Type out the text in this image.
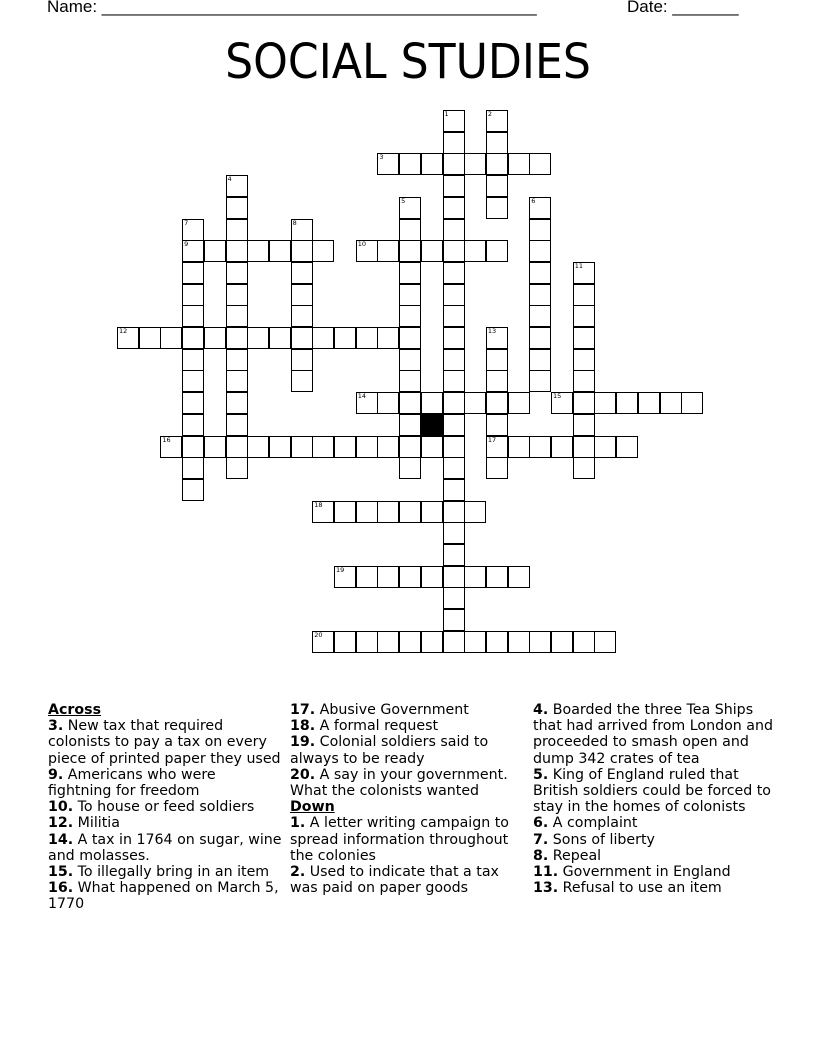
Name: ______________________________________________	Date: _______
SOCIAL STUDIES
3
9	10
12
14	15
16	17
18
19
20
1	2
4
5	6
7	8
11
13
Across
3. New tax that required colonists to pay a tax on every piece of printed paper they used
9. Americans who were fightning for freedom
10. To house or feed soldiers
12. Militia
14. A tax in 1764 on sugar, wine and molasses.
15. To illegally bring in an item
16. What happened on March 5, 1770
17. Abusive Government
18. A formal request
19. Colonial soldiers said to always to be ready
20. A say in your government. What the colonists wanted
Down
1. A letter writing campaign to spread information throughout the colonies
2. Used to indicate that a tax was paid on paper goods
4. Boarded the three Tea Ships that had arrived from London and proceeded to smash open and dump 342 crates of tea
5. King of England ruled that British soldiers could be forced to stay in the homes of colonists
6. A complaint
7. Sons of liberty
8. Repeal
11. Government in England
13. Refusal to use an item
